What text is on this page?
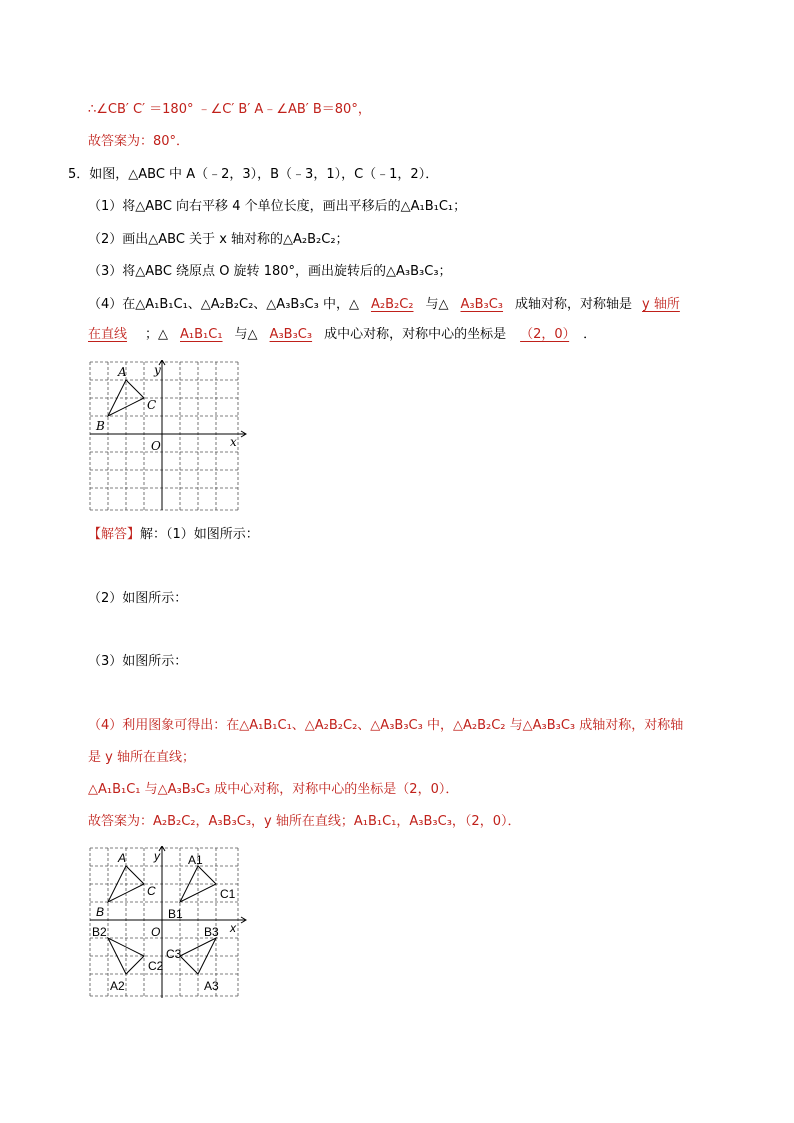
∴∠CB′ C′ ＝180° ﹣∠C′ B′ A﹣∠AB′ B＝80°，
故答案为：80°．
5．如图，△ABC 中 A（﹣2，3），B（﹣3，1），C（﹣1，2）．
（1）将△ABC 向右平移 4 个单位长度，画出平移后的△A₁B₁C₁；
（2）画出△ABC 关于 x 轴对称的△A₂B₂C₂；
（3）将△ABC 绕原点 O 旋转 180°，画出旋转后的△A₃B₃C₃；
（4）在△A₁B₁C₁、△A₂B₂C₂、△A₃B₃C₃ 中，△ A₂B₂C₂ 与△ A₃B₃C₃ 成轴对称，对称轴是 y 轴所
在直线 ；△ A₁B₁C₁ 与△ A₃B₃C₃ 成中心对称，对称中心的坐标是 （2，0） ．
A y
C
B
O	x
【解答】解：（1）如图所示：
（2）如图所示：
（3）如图所示：
（4）利用图象可得出：在△A₁B₁C₁、△A₂B₂C₂、△A₃B₃C₃ 中，△A₂B₂C₂ 与△A₃B₃C₃ 成轴对称，对称轴
是 y 轴所在直线；
△A₁B₁C₁ 与△A₃B₃C₃ 成中心对称，对称中心的坐标是（2，0）．
故答案为：A₂B₂C₂，A₃B₃C₃，y 轴所在直线；A₁B₁C₁，A₃B₃C₃，（2，0）．
A y A1
C	C1
B	B1
B2	O	B3 x
C3
C2
A2	A3
